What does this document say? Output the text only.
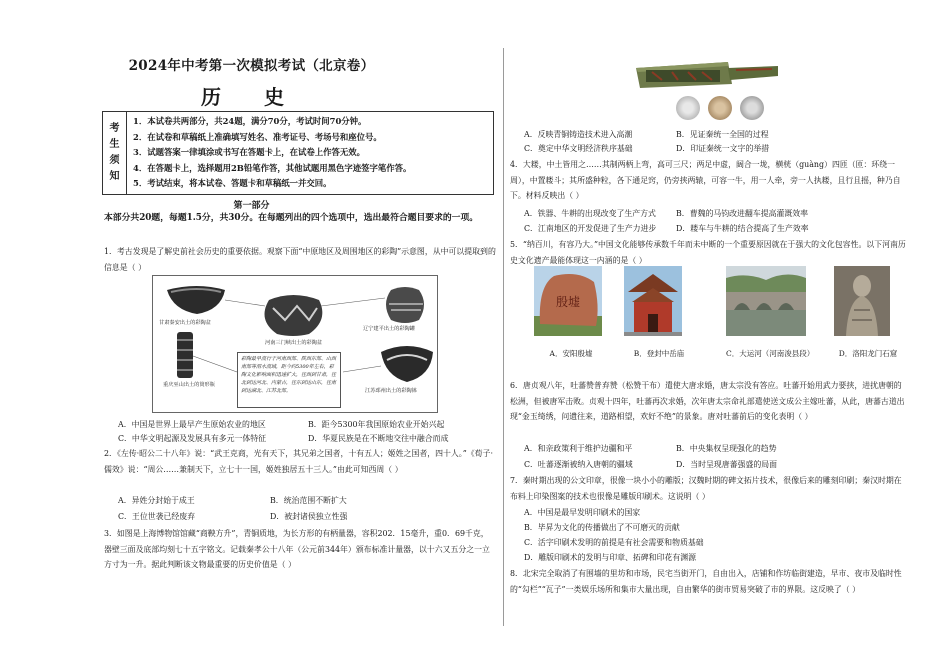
2024年中考第一次模拟考试（北京卷）
历 史
考
生
须
知
1．本试卷共两部分，共24题，满分70分，考试时间70分钟。
2．在试卷和草稿纸上准确填写姓名、准考证号、考场号和座位号。
3．试题答案一律填涂或书写在答题卡上，在试卷上作答无效。
4．在答题卡上，选择题用2B铅笔作答，其他试题用黑色字迹签字笔作答。
5．考试结束，将本试卷、答题卡和草稿纸一并交回。
第一部分
本部分共20题，每题1.5分，共30分。在每题列出的四个选项中，选出最符合题目要求的一项。
1．考古发现是了解史前社会历史的重要依据。观察下面“中原地区及周围地区的彩陶”示意图，从中可以提取到的信息是（ ）
甘肃秦安出土的彩陶盆
河南三门峡出土的彩陶盆
辽宁建平出土的彩陶罐
重庆巫山出土的筒形瓶
江苏邳州出土的彩陶钵
彩陶最早流行于河南西部、陕西东部、山西南部等渭水流域，距今约5300年左右，彩陶文化影响面积迅速扩大，往西到甘肃，往北到达河北、内蒙古，往东到达山东，往南到达湖北、江苏北部。
A．中国是世界上最早产生原始农业的地区	B．距今5300年我国原始农业开始兴起
C．中华文明起源及发展具有多元一体特征	D．华夏民族是在不断地交往中融合而成
2．《左传·昭公二十八年》说：“武王克商，光有天下，其兄弟之国者，十有五人；姬姓之国者，四十人。”《荀子·儒效》说：“周公……兼制天下，立七十一国，姬姓独居五十三人。”由此可知西周（ ）
A．异姓分封始于成王	B．统治范围不断扩大
C．王位世袭已经废弃	D．被封诸侯独立性强
3．如图是上海博物馆馆藏“商鞅方升”，青铜质地，为长方形的有柄量器，容积202．15毫升，重0．69千克，器壁三面及底部均刻七十五字铭文。记载秦孝公十八年（公元前344年）颁布标准计量器，以十六又五分之一立方寸为一升。据此判断该文物最重要的历史价值是（ ）
A．反映青铜铸造技术进入高潮	B．见证秦统一全国的过程
C．奠定中华文明经济秩序基础	D．印证秦统一文字的举措
4．大耧，中土皆用之……其制两柄上弯，高可三尺；两足中虚，阔合一垅，横桄（guàng）四匝（匝：环绕一周），中置耧斗；其所盛种粒，各下通足窍，仍旁挟两辕，可容一牛，用一人牵，旁一人执耧，且行且摇，种乃自下。材料反映出（ ）
A．铁器、牛耕的出现改变了生产方式	B．曹魏的马钧改进翻车提高灌溉效率
C．江南地区的开发促进了生产力进步	D．耧车与牛耕的结合提高了生产效率
5．“纳百川，有容乃大。”中国文化能够传承数千年而未中断的一个重要原因就在于强大的文化包容性。以下河南历史文化遗产最能体现这一内涵的是（ ）
殷墟
A．安阳殷墟	B．登封中岳庙	C．大运河（河南浚县段）	D．洛阳龙门石窟
6．唐贞观八年，吐蕃赞普弃赞（松赞干布）遣使大唐求婚，唐太宗没有答应。吐蕃开始用武力要挟，进扰唐朝的松洲，但被唐军击败。贞观十四年，吐蕃再次求婚，次年唐太宗命礼部遣使送文成公主嫁吐蕃，从此，唐蕃古道出现“金玉绮绣，问遗往来，道路相望，欢好不绝”的景象。唐对吐蕃前后的变化表明（ ）
A．和亲政策利于维护边疆和平	B．中央集权呈现强化的趋势
C．吐蕃逐渐被纳入唐朝的疆域	D．当时呈现唐蕃强盛的局面
7．秦时期出现的公文印章，很像一块小小的雕版；汉魏时期的碑文拓片技术，很像后来的雕刻印刷；秦汉时期在布料上印染图案的技术也很像是雕版印刷术。这说明（ ）
A．中国是最早发明印刷术的国家
B．毕昇为文化的传播做出了不可磨灭的贡献
C．活字印刷术发明的前提是有社会需要和物质基础
D．雕版印刷术的发明与印章、拓碑和印花有渊源
8．北宋完全取消了有围墙的里坊和市场，民宅当街开门，自由出入，店铺和作坊临街建造，早市、夜市及临时性的“勾栏”“瓦子”一类娱乐场所和集市大量出现，自由繁华的街市贸易突破了市的界限。这反映了（ ）
